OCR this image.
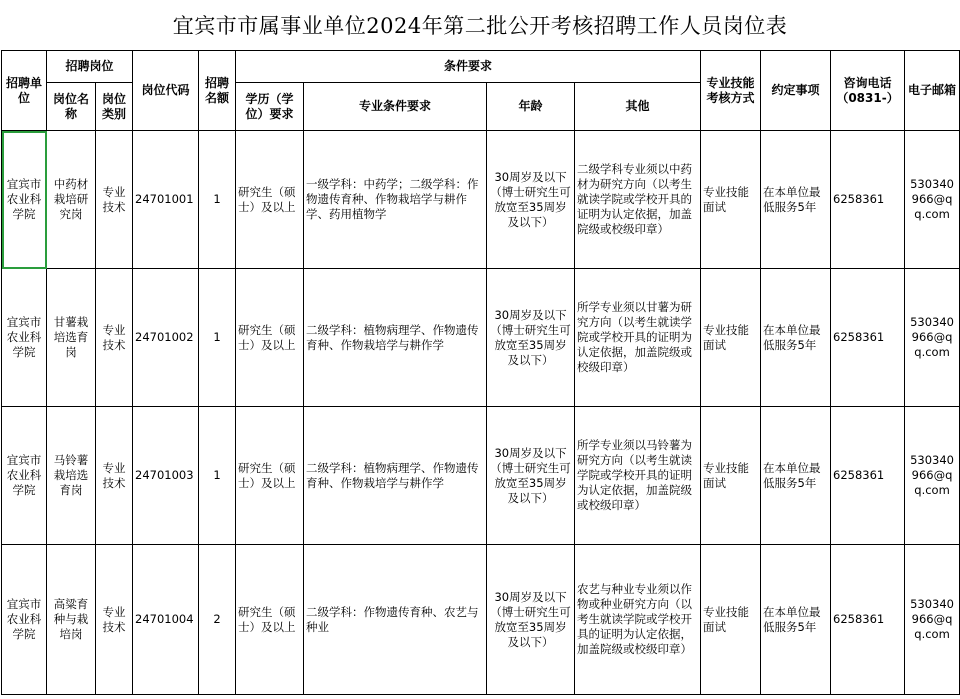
宜宾市市属事业单位2024年第二批公开考核招聘工作人员岗位表
招聘单位	招聘岗位		岗位代码	招聘名额	条件要求				专业技能考核方式	约定事项	咨询电话（0831-）	电子邮箱
	岗位名称	岗位类别			学历（学位）要求	专业条件要求	年龄	其他				
宜宾市农业科学院	中药材栽培研究岗	专业技术	24701001	1	研究生（硕士）及以上	一级学科：中药学；二级学科：作物遗传育种、作物栽培学与耕作学、药用植物学	30周岁及以下（博士研究生可放宽至35周岁及以下）	二级学科专业须以中药材为研究方向（以考生就读学院或学校开具的证明为认定依据，加盖院级或校级印章）	专业技能面试	在本单位最低服务5年	6258361	530340966@qq.com
宜宾市农业科学院	甘薯栽培选育岗	专业技术	24701002	1	研究生（硕士）及以上	二级学科：植物病理学、作物遗传育种、作物栽培学与耕作学	30周岁及以下（博士研究生可放宽至35周岁及以下）	所学专业须以甘薯为研究方向（以考生就读学院或学校开具的证明为认定依据，加盖院级或校级印章）	专业技能面试	在本单位最低服务5年	6258361	530340966@qq.com
宜宾市农业科学院	马铃薯栽培选育岗	专业技术	24701003	1	研究生（硕士）及以上	二级学科：植物病理学、作物遗传育种、作物栽培学与耕作学	30周岁及以下（博士研究生可放宽至35周岁及以下）	所学专业须以马铃薯为研究方向（以考生就读学院或学校开具的证明为认定依据，加盖院级或校级印章）	专业技能面试	在本单位最低服务5年	6258361	530340966@qq.com
宜宾市农业科学院	高粱育种与栽培岗	专业技术	24701004	2	研究生（硕士）及以上	二级学科：作物遗传育种、农艺与种业	30周岁及以下（博士研究生可放宽至35周岁及以下）	农艺与种业专业须以作物或种业研究方向（以考生就读学院或学校开具的证明为认定依据，加盖院级或校级印章）	专业技能面试	在本单位最低服务5年	6258361	530340966@qq.com
